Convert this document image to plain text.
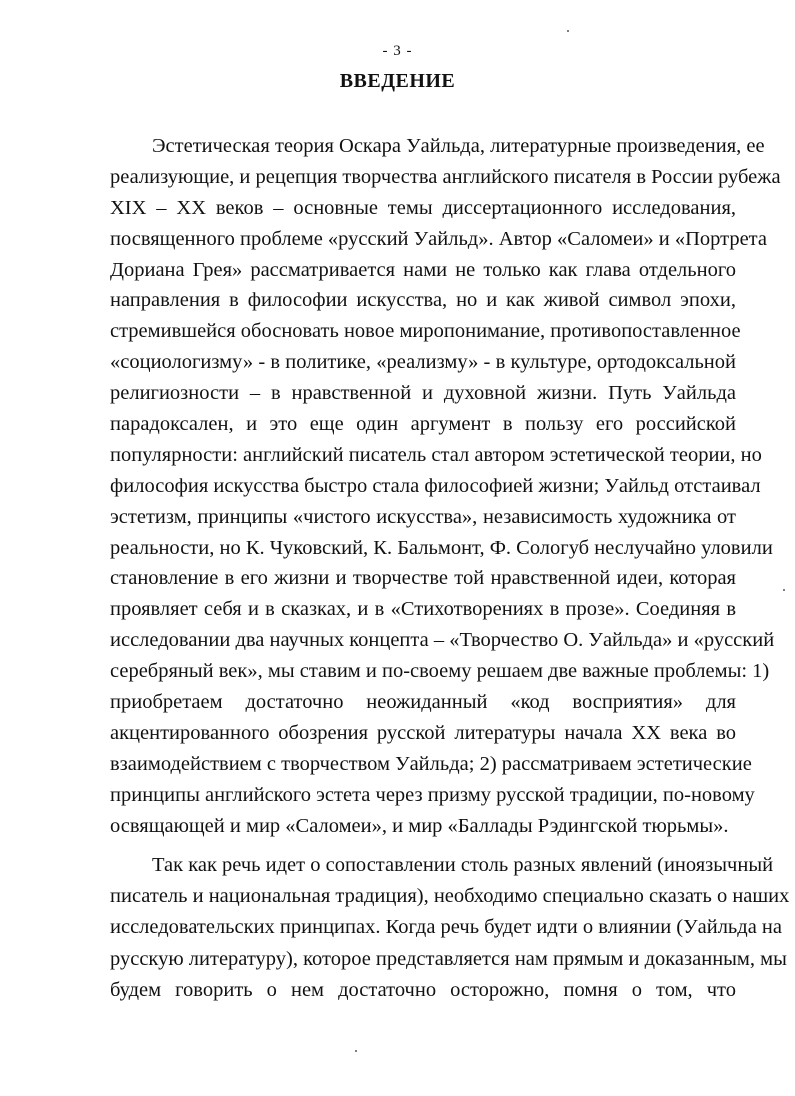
- 3 -
ВВЕДЕНИЕ
Эстетическая теория Оскара Уайльда, литературные произведения, ее
реализующие, и рецепция творчества английского писателя в России рубежа
XIX – XX веков – основные темы диссертационного исследования,
посвященного проблеме «русский Уайльд». Автор «Саломеи» и «Портрета
Дориана Грея» рассматривается нами не только как глава отдельного
направления в философии искусства, но и как живой символ эпохи,
стремившейся обосновать новое миропонимание, противопоставленное
«социологизму» - в политике, «реализму» - в культуре, ортодоксальной
религиозности – в нравственной и духовной жизни. Путь Уайльда
парадоксален, и это еще один аргумент в пользу его российской
популярности: английский писатель стал автором эстетической теории, но
философия искусства быстро стала философией жизни; Уайльд отстаивал
эстетизм, принципы «чистого искусства», независимость художника от
реальности, но К. Чуковский, К. Бальмонт, Ф. Сологуб неслучайно уловили
становление в его жизни и творчестве той нравственной идеи, которая
проявляет себя и в сказках, и в «Стихотворениях в прозе». Соединяя в
исследовании два научных концепта – «Творчество О. Уайльда» и «русский
серебряный век», мы ставим и по-своему решаем две важные проблемы: 1)
приобретаем достаточно неожиданный «код восприятия» для
акцентированного обозрения русской литературы начала XX века во
взаимодействием с творчеством Уайльда; 2) рассматриваем эстетические
принципы английского эстета через призму русской традиции, по-новому
освящающей и мир «Саломеи», и мир «Баллады Рэдингской тюрьмы».
Так как речь идет о сопоставлении столь разных явлений (иноязычный
писатель и национальная традиция), необходимо специально сказать о наших
исследовательских принципах. Когда речь будет идти о влиянии (Уайльда на
русскую литературу), которое представляется нам прямым и доказанным, мы
будем говорить о нем достаточно осторожно, помня о том, что
